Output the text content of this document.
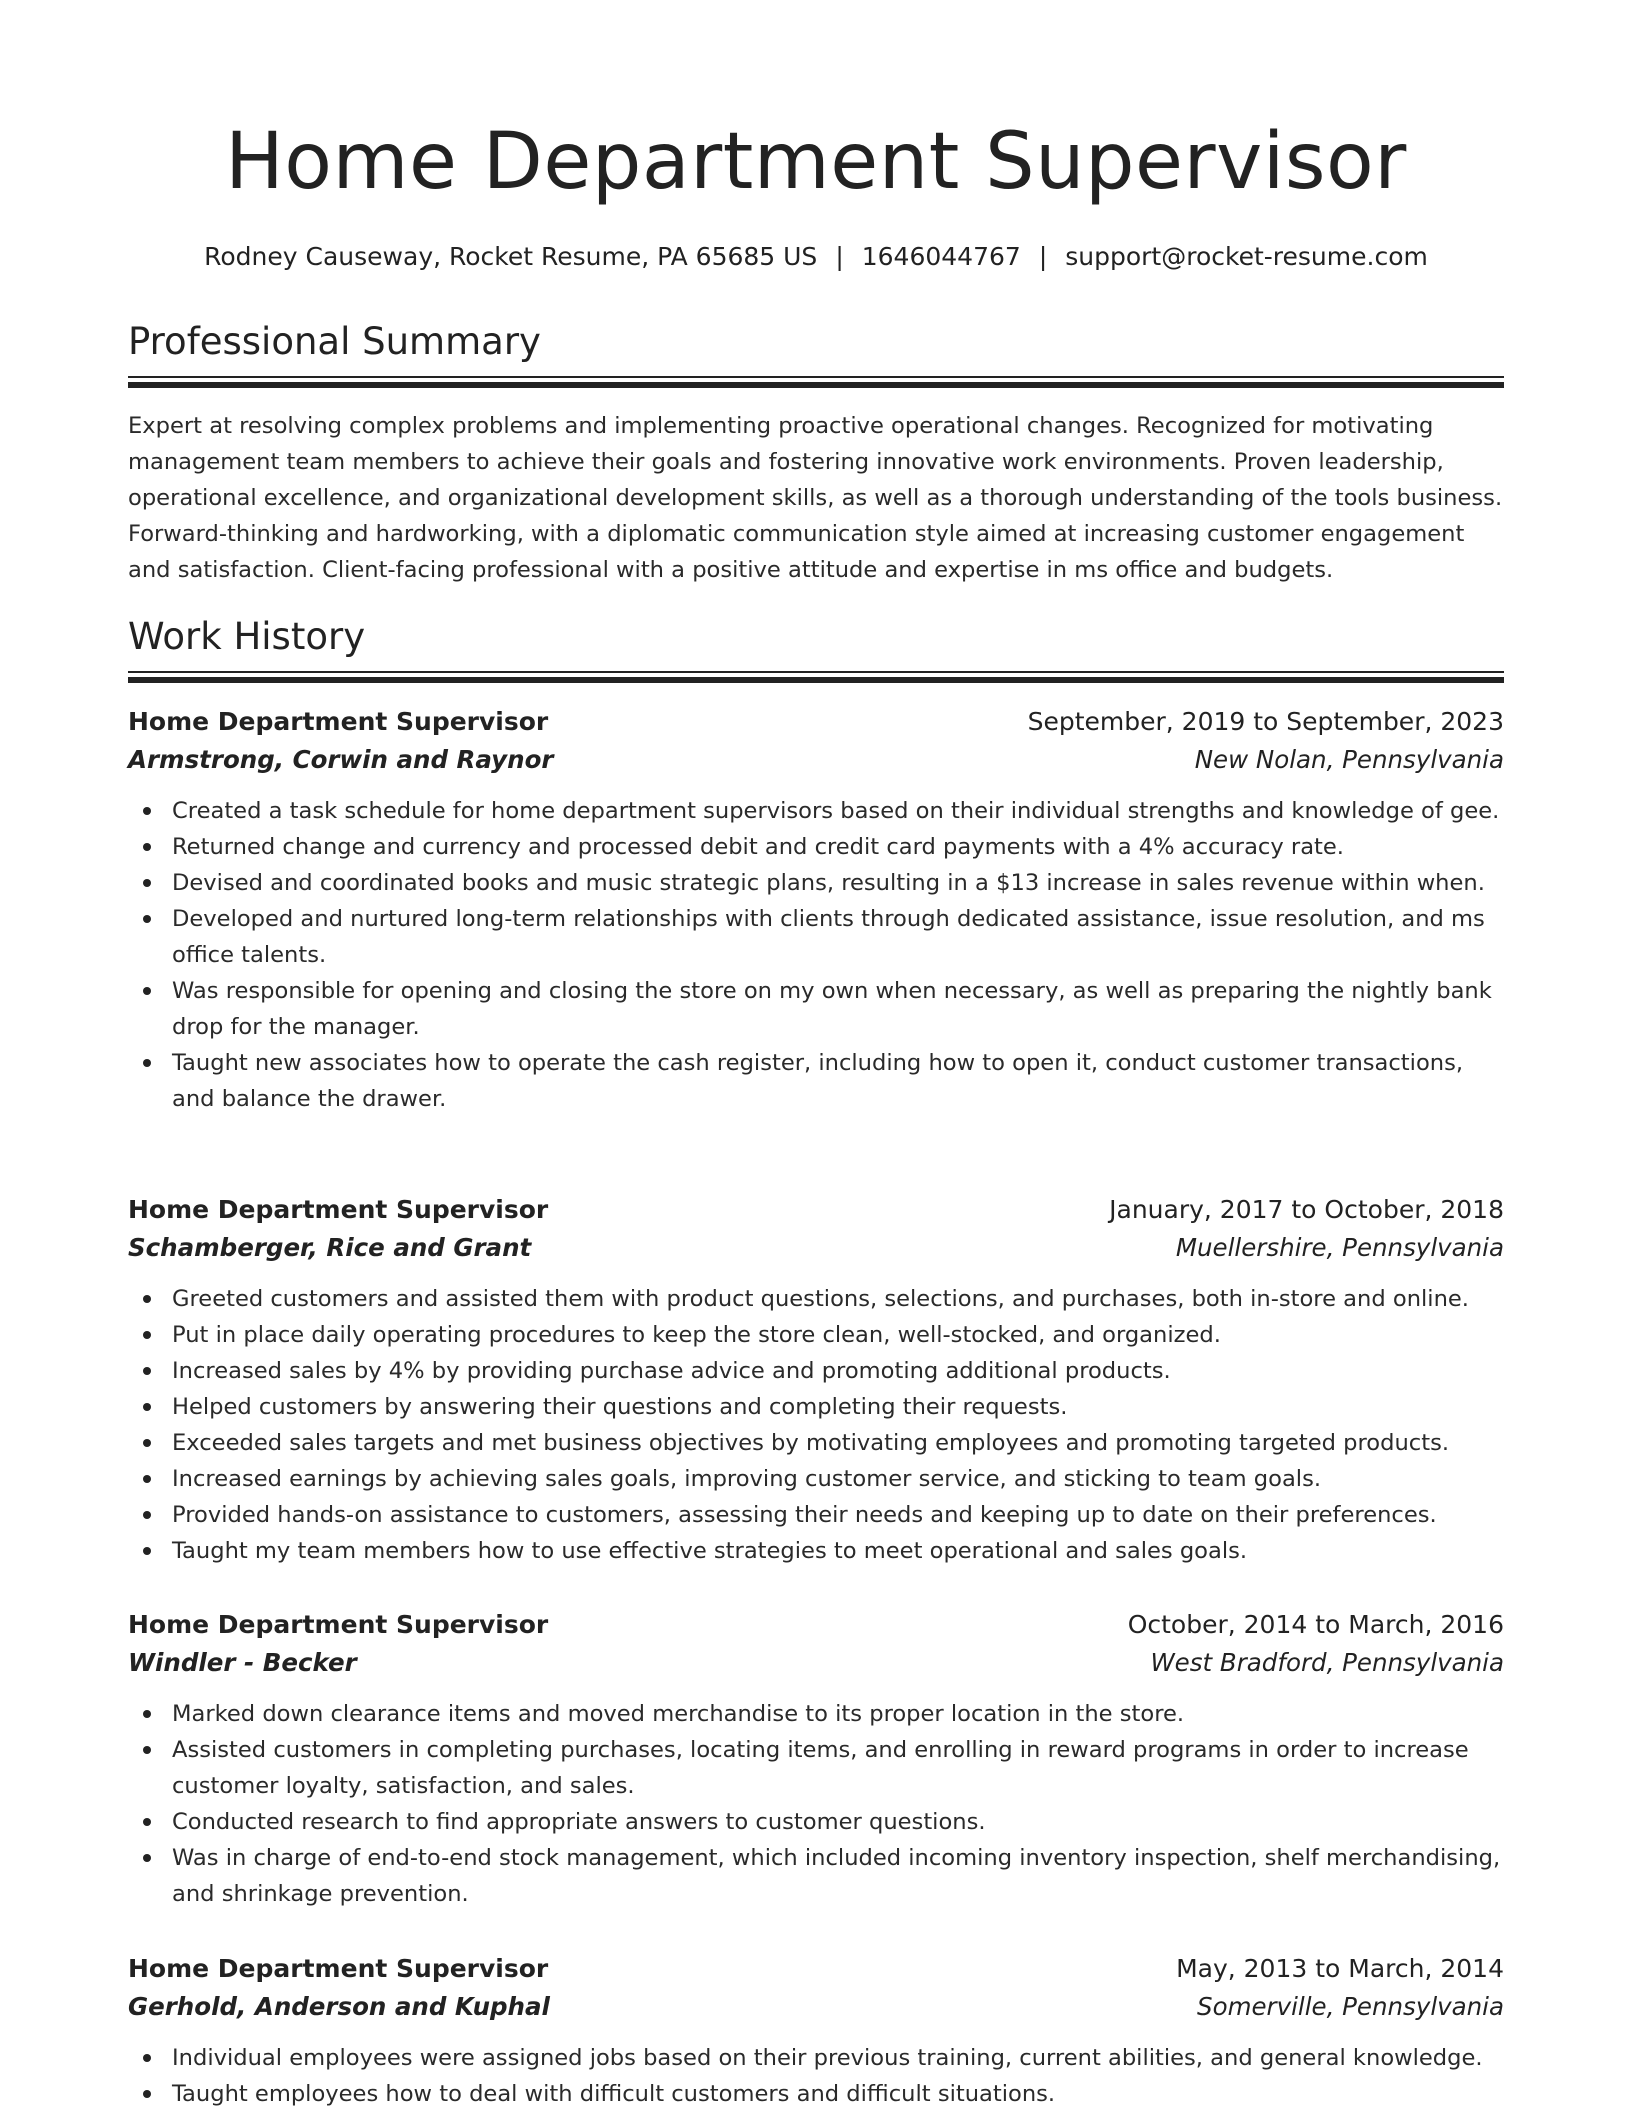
Home Department Supervisor
Rodney Causeway, Rocket Resume, PA 65685 US | 1646044767 | support@rocket-resume.com
Professional Summary

Expert at resolving complex problems and implementing proactive operational changes. Recognized for motivating management team members to achieve their goals and fostering innovative work environments. Proven leadership, operational excellence, and organizational development skills, as well as a thorough understanding of the tools business. Forward-thinking and hardworking, with a diplomatic communication style aimed at increasing customer engagement and satisfaction. Client-facing professional with a positive attitude and expertise in ms office and budgets.

Work History
Home Department Supervisor	September, 2019 to September, 2023
Armstrong, Corwin and Raynor	New Nolan, Pennsylvania
Created a task schedule for home department supervisors based on their individual strengths and knowledge of gee.
Returned change and currency and processed debit and credit card payments with a 4% accuracy rate.
Devised and coordinated books and music strategic plans, resulting in a $13 increase in sales revenue within when.
Developed and nurtured long-term relationships with clients through dedicated assistance, issue resolution, and ms office talents.
Was responsible for opening and closing the store on my own when necessary, as well as preparing the nightly bank drop for the manager.
Taught new associates how to operate the cash register, including how to open it, conduct customer transactions, and balance the drawer.
Home Department Supervisor	January, 2017 to October, 2018
Schamberger, Rice and Grant	Muellershire, Pennsylvania
Greeted customers and assisted them with product questions, selections, and purchases, both in-store and online.
Put in place daily operating procedures to keep the store clean, well-stocked, and organized.
Increased sales by 4% by providing purchase advice and promoting additional products.
Helped customers by answering their questions and completing their requests.
Exceeded sales targets and met business objectives by motivating employees and promoting targeted products.
Increased earnings by achieving sales goals, improving customer service, and sticking to team goals.
Provided hands-on assistance to customers, assessing their needs and keeping up to date on their preferences.
Taught my team members how to use effective strategies to meet operational and sales goals.
Home Department Supervisor	October, 2014 to March, 2016
Windler - Becker	West Bradford, Pennsylvania
Marked down clearance items and moved merchandise to its proper location in the store.
Assisted customers in completing purchases, locating items, and enrolling in reward programs in order to increase customer loyalty, satisfaction, and sales.
Conducted research to find appropriate answers to customer questions.
Was in charge of end-to-end stock management, which included incoming inventory inspection, shelf merchandising, and shrinkage prevention.
Home Department Supervisor	May, 2013 to March, 2014
Gerhold, Anderson and Kuphal	Somerville, Pennsylvania
Individual employees were assigned jobs based on their previous training, current abilities, and general knowledge.
Taught employees how to deal with difficult customers and difficult situations.
